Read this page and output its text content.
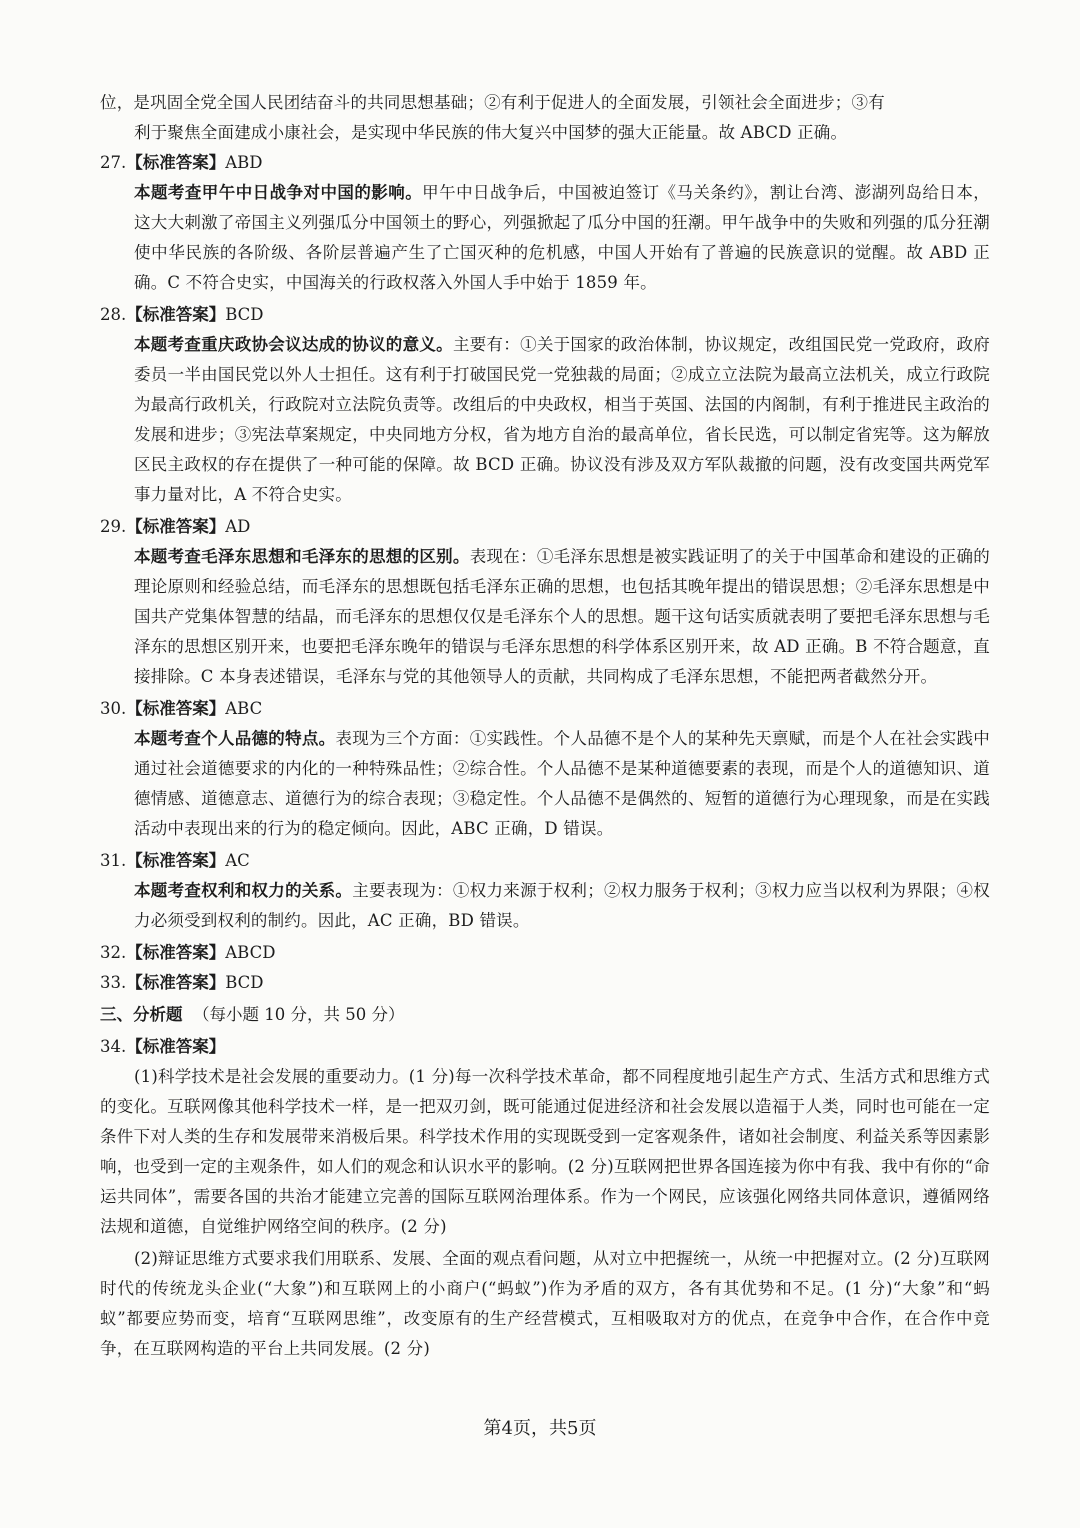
位，是巩固全党全国人民团结奋斗的共同思想基础；②有利于促进人的全面发展，引领社会全面进步；③有
利于聚焦全面建成小康社会，是实现中华民族的伟大复兴中国梦的强大正能量。故 ABCD 正确。
27.【标准答案】ABD
本题考查甲午中日战争对中国的影响。甲午中日战争后，中国被迫签订《马关条约》，割让台湾、澎湖列岛给日本，这大大刺激了帝国主义列强瓜分中国领土的野心，列强掀起了瓜分中国的狂潮。甲午战争中的失败和列强的瓜分狂潮使中华民族的各阶级、各阶层普遍产生了亡国灭种的危机感，中国人开始有了普遍的民族意识的觉醒。故 ABD 正确。C 不符合史实，中国海关的行政权落入外国人手中始于 1859 年。
28.【标准答案】BCD
本题考查重庆政协会议达成的协议的意义。主要有：①关于国家的政治体制，协议规定，改组国民党一党政府，政府委员一半由国民党以外人士担任。这有利于打破国民党一党独裁的局面；②成立立法院为最高立法机关，成立行政院为最高行政机关，行政院对立法院负责等。改组后的中央政权，相当于英国、法国的内阁制，有利于推进民主政治的发展和进步；③宪法草案规定，中央同地方分权，省为地方自治的最高单位，省长民选，可以制定省宪等。这为解放区民主政权的存在提供了一种可能的保障。故 BCD 正确。协议没有涉及双方军队裁撤的问题，没有改变国共两党军事力量对比，A 不符合史实。
29.【标准答案】AD
本题考查毛泽东思想和毛泽东的思想的区别。表现在：①毛泽东思想是被实践证明了的关于中国革命和建设的正确的理论原则和经验总结，而毛泽东的思想既包括毛泽东正确的思想，也包括其晚年提出的错误思想；②毛泽东思想是中国共产党集体智慧的结晶，而毛泽东的思想仅仅是毛泽东个人的思想。题干这句话实质就表明了要把毛泽东思想与毛泽东的思想区别开来，也要把毛泽东晚年的错误与毛泽东思想的科学体系区别开来，故 AD 正确。B 不符合题意，直接排除。C 本身表述错误，毛泽东与党的其他领导人的贡献，共同构成了毛泽东思想，不能把两者截然分开。
30.【标准答案】ABC
本题考查个人品德的特点。表现为三个方面：①实践性。个人品德不是个人的某种先天禀赋，而是个人在社会实践中通过社会道德要求的内化的一种特殊品性；②综合性。个人品德不是某种道德要素的表现，而是个人的道德知识、道德情感、道德意志、道德行为的综合表现；③稳定性。个人品德不是偶然的、短暂的道德行为心理现象，而是在实践活动中表现出来的行为的稳定倾向。因此，ABC 正确，D 错误。
31.【标准答案】AC
本题考查权利和权力的关系。主要表现为：①权力来源于权利；②权力服务于权利；③权力应当以权利为界限；④权力必须受到权利的制约。因此，AC 正确，BD 错误。
32.【标准答案】ABCD
33.【标准答案】BCD
三、分析题 （每小题 10 分，共 50 分）
34.【标准答案】
(1)科学技术是社会发展的重要动力。(1 分)每一次科学技术革命，都不同程度地引起生产方式、生活方式和思维方式的变化。互联网像其他科学技术一样，是一把双刃剑，既可能通过促进经济和社会发展以造福于人类，同时也可能在一定条件下对人类的生存和发展带来消极后果。科学技术作用的实现既受到一定客观条件，诸如社会制度、利益关系等因素影响，也受到一定的主观条件，如人们的观念和认识水平的影响。(2 分)互联网把世界各国连接为你中有我、我中有你的“命运共同体”，需要各国的共治才能建立完善的国际互联网治理体系。作为一个网民，应该强化网络共同体意识，遵循网络法规和道德，自觉维护网络空间的秩序。(2 分)
(2)辩证思维方式要求我们用联系、发展、全面的观点看问题，从对立中把握统一，从统一中把握对立。(2 分)互联网时代的传统龙头企业(“大象”)和互联网上的小商户(“蚂蚁”)作为矛盾的双方，各有其优势和不足。(1 分)“大象”和“蚂蚁”都要应势而变，培育“互联网思维”，改变原有的生产经营模式，互相吸取对方的优点，在竞争中合作，在合作中竞争，在互联网构造的平台上共同发展。(2 分)
第4页，共5页
